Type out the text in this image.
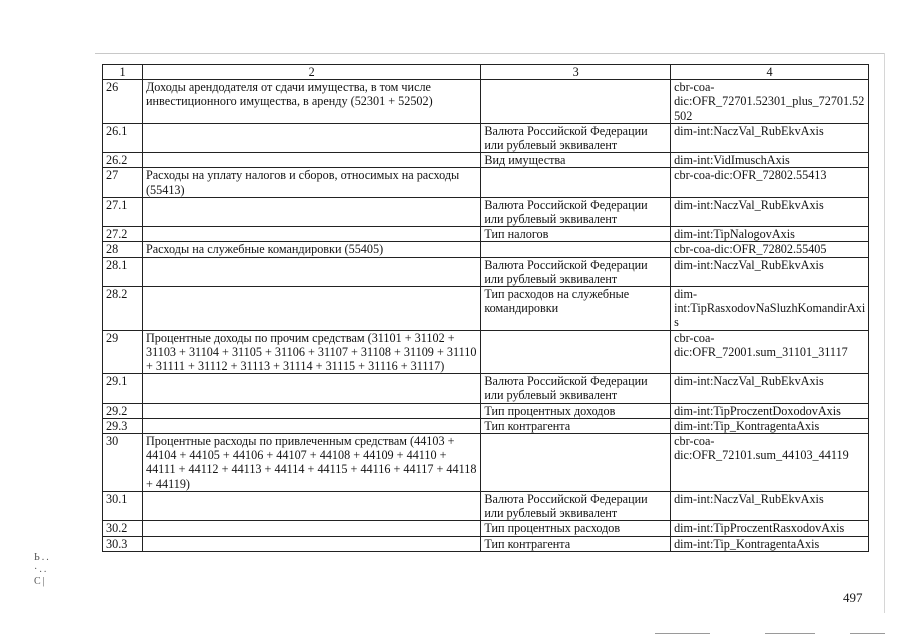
1	2	3	4
26	Доходы арендодателя от сдачи имущества, в том числе инвестиционного имущества, в аренду (52301 + 52502)		cbr-coa-dic:OFR_72701.52301_plus_72701.52502
26.1		Валюта Российской Федерации или рублевый эквивалент	dim-int:NaczVal_RubEkvAxis
26.2		Вид имущества	dim-int:VidImuschAxis
27	Расходы на уплату налогов и сборов, относимых на расходы (55413)		cbr-coa-dic:OFR_72802.55413
27.1		Валюта Российской Федерации или рублевый эквивалент	dim-int:NaczVal_RubEkvAxis
27.2		Тип налогов	dim-int:TipNalogovAxis
28	Расходы на служебные командировки (55405)		cbr-coa-dic:OFR_72802.55405
28.1		Валюта Российской Федерации или рублевый эквивалент	dim-int:NaczVal_RubEkvAxis
28.2		Тип расходов на служебные командировки	dim-int:TipRasxodovNaSluzhKomandirAxis
29	Процентные доходы по прочим средствам (31101 + 31102 + 31103 + 31104 + 31105 + 31106 + 31107 + 31108 + 31109 + 31110 + 31111 + 31112 + 31113 + 31114 + 31115 + 31116 + 31117)		cbr-coa-dic:OFR_72001.sum_31101_31117
29.1		Валюта Российской Федерации или рублевый эквивалент	dim-int:NaczVal_RubEkvAxis
29.2		Тип процентных доходов	dim-int:TipProczentDoxodovAxis
29.3		Тип контрагента	dim-int:Tip_KontragentaAxis
30	Процентные расходы по привлеченным средствам (44103 + 44104 + 44105 + 44106 + 44107 + 44108 + 44109 + 44110 + 44111 + 44112 + 44113 + 44114 + 44115 + 44116 + 44117 + 44118 + 44119)		cbr-coa-dic:OFR_72101.sum_44103_44119
30.1		Валюта Российской Федерации или рублевый эквивалент	dim-int:NaczVal_RubEkvAxis
30.2		Тип процентных расходов	dim-int:TipProczentRasxodovAxis
30.3		Тип контрагента	dim-int:Tip_KontragentaAxis
497
Ь..
·..
С|
